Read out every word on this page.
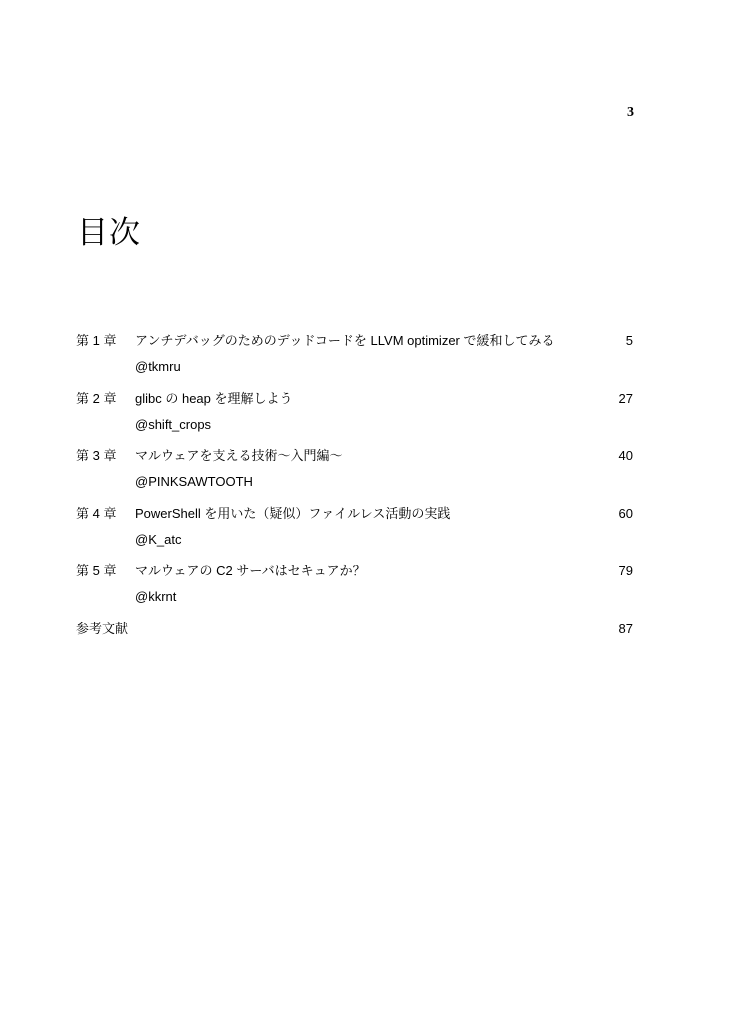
3
目次
第 1 章 アンチデバッグのためのデッドコードを LLVM optimizer で緩和してみる	5
@tkmru
第 2 章 glibc の heap を理解しよう	27
@shift_crops
第 3 章 マルウェアを支える技術～入門編～	40
@PINKSAWTOOTH
第 4 章 PowerShell を用いた（疑似）ファイルレス活動の実践	60
@K_atc
第 5 章 マルウェアの C2 サーバはセキュアか？	79
@kkrnt
参考文献	87
